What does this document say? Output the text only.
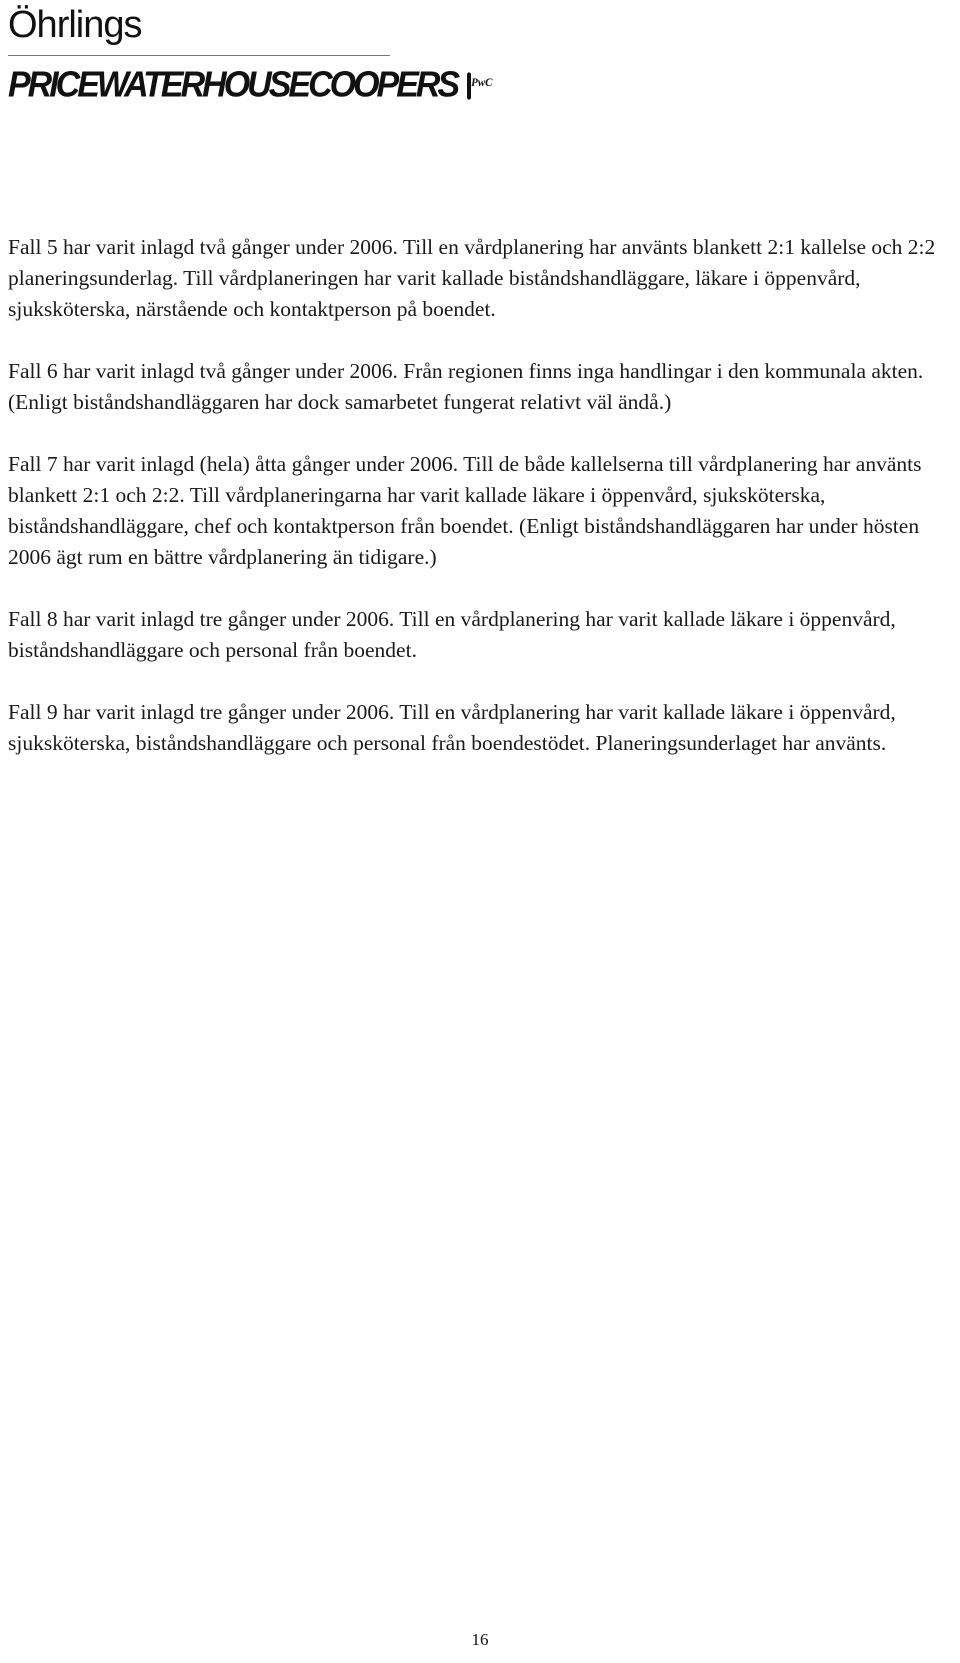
Öhrlings
PRICEWATERHOUSECOOPERS PwC

Fall 5 har varit inlagd två gånger under 2006. Till en vårdplanering har använts blankett 2:1 kallelse och 2:2 planeringsunderlag. Till vårdplaneringen har varit kallade biståndshandläggare, läkare i öppenvård, sjuksköterska, närstående och kontaktperson på boendet.

Fall 6 har varit inlagd två gånger under 2006. Från regionen finns inga handlingar i den kommunala akten. (Enligt biståndshandläggaren har dock samarbetet fungerat relativt väl ändå.)

Fall 7 har varit inlagd (hela) åtta gånger under 2006. Till de både kallelserna till vårdplanering har använts blankett 2:1 och 2:2. Till vårdplaneringarna har varit kallade läkare i öppenvård, sjuksköterska, biståndshandläggare, chef och kontaktperson från boendet. (Enligt biståndshandläggaren har under hösten 2006 ägt rum en bättre vårdplanering än tidigare.)

Fall 8 har varit inlagd tre gånger under 2006. Till en vårdplanering har varit kallade läkare i öppenvård, biståndshandläggare och personal från boendet.

Fall 9 har varit inlagd tre gånger under 2006. Till en vårdplanering har varit kallade läkare i öppenvård, sjuksköterska, biståndshandläggare och personal från boendestödet. Planeringsunderlaget har använts.

16
